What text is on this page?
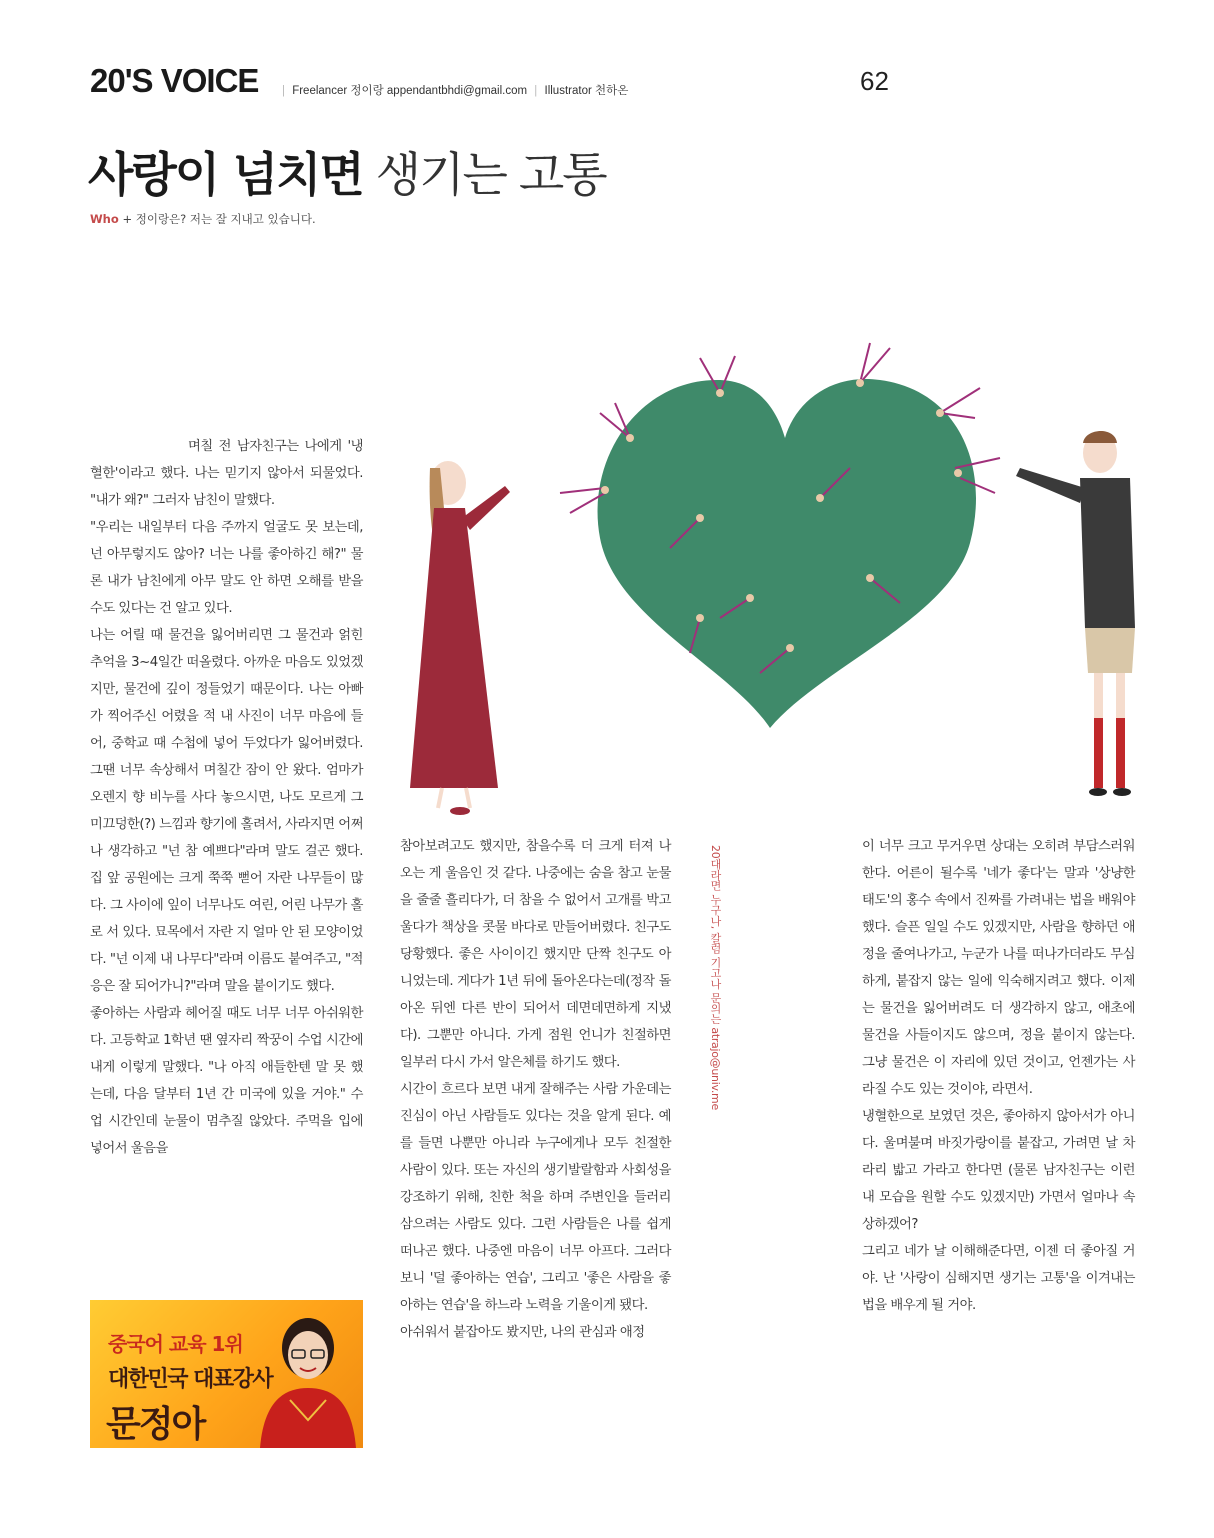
20'S VOICE	| Freelancer 정이랑 appendantbhdi@gmail.com | Illustrator 천하온	62
사랑이 넘치면 생기는 고통
Who + 정이랑은? 저는 잘 지내고 있습니다.

며칠 전 남자친구는 나에게 '냉혈한'이라고 했다. 나는 믿기지 않아서 되물었다. "내가 왜?" 그러자 남친이 말했다.

"우리는 내일부터 다음 주까지 얼굴도 못 보는데, 넌 아무렇지도 않아? 너는 나를 좋아하긴 해?" 물론 내가 남친에게 아무 말도 안 하면 오해를 받을 수도 있다는 건 알고 있다.

나는 어릴 때 물건을 잃어버리면 그 물건과 얽힌 추억을 3~4일간 떠올렸다. 아까운 마음도 있었겠지만, 물건에 깊이 정들었기 때문이다. 나는 아빠가 찍어주신 어렸을 적 내 사진이 너무 마음에 들어, 중학교 때 수첩에 넣어 두었다가 잃어버렸다. 그땐 너무 속상해서 며칠간 잠이 안 왔다. 엄마가 오렌지 향 비누를 사다 놓으시면, 나도 모르게 그 미끄덩한(?) 느낌과 향기에 홀려서, 사라지면 어쩌나 생각하고 "넌 참 예쁘다"라며 말도 걸곤 했다. 집 앞 공원에는 크게 쭉쭉 뻗어 자란 나무들이 많다. 그 사이에 잎이 너무나도 여린, 어린 나무가 홀로 서 있다. 묘목에서 자란 지 얼마 안 된 모양이었다. "넌 이제 내 나무다"라며 이름도 붙여주고, "적응은 잘 되어가니?"라며 말을 붙이기도 했다.

좋아하는 사람과 헤어질 때도 너무 너무 아쉬워한다. 고등학교 1학년 땐 옆자리 짝꿍이 수업 시간에 내게 이렇게 말했다. "나 아직 애들한텐 말 못 했는데, 다음 달부터 1년 간 미국에 있을 거야." 수업 시간인데 눈물이 멈추질 않았다. 주먹을 입에 넣어서 울음을

참아보려고도 했지만, 참을수록 더 크게 터져 나오는 게 울음인 것 같다. 나중에는 숨을 참고 눈물을 줄줄 흘리다가, 더 참을 수 없어서 고개를 박고 울다가 책상을 콧물 바다로 만들어버렸다. 친구도 당황했다. 좋은 사이이긴 했지만 단짝 친구도 아니었는데. 게다가 1년 뒤에 돌아온다는데(정작 돌아온 뒤엔 다른 반이 되어서 데면데면하게 지냈다). 그뿐만 아니다. 가게 점원 언니가 친절하면 일부러 다시 가서 알은체를 하기도 했다.

시간이 흐르다 보면 내게 잘해주는 사람 가운데는 진심이 아닌 사람들도 있다는 것을 알게 된다. 예를 들면 나뿐만 아니라 누구에게나 모두 친절한 사람이 있다. 또는 자신의 생기발랄함과 사회성을 강조하기 위해, 친한 척을 하며 주변인을 들러리 삼으려는 사람도 있다. 그런 사람들은 나를 쉽게 떠나곤 했다. 나중엔 마음이 너무 아프다. 그러다 보니 '덜 좋아하는 연습', 그리고 '좋은 사람을 좋아하는 연습'을 하느라 노력을 기울이게 됐다.

아쉬워서 붙잡아도 봤지만, 나의 관심과 애정

20대라면 누구나, 칼럼 기고나 문의는 atrajo@univ.me	이 너무 크고 무거우면 상대는 오히려 부담스러워한다. 어른이 될수록 '네가 좋다'는 말과 '상냥한 태도'의 홍수 속에서 진짜를 가려내는 법을 배워야 했다. 슬픈 일일 수도 있겠지만, 사람을 향하던 애정을 줄여나가고, 누군가 나를 떠나가더라도 무심하게, 붙잡지 않는 일에 익숙해지려고 했다. 이제는 물건을 잃어버려도 더 생각하지 않고, 애초에 물건을 사들이지도 않으며, 정을 붙이지 않는다. 그냥 물건은 이 자리에 있던 것이고, 언젠가는 사라질 수도 있는 것이야, 라면서.

냉혈한으로 보였던 것은, 좋아하지 않아서가 아니다. 울며불며 바짓가랑이를 붙잡고, 가려면 날 차라리 밟고 가라고 한다면 (물론 남자친구는 이런 내 모습을 원할 수도 있겠지만) 가면서 얼마나 속상하겠어?

그리고 네가 날 이해해준다면, 이젠 더 좋아질 거야. 난 '사랑이 심해지면 생기는 고통'을 이겨내는 법을 배우게 될 거야.

중국어 교육 1위
대한민국 대표강사
문정아
